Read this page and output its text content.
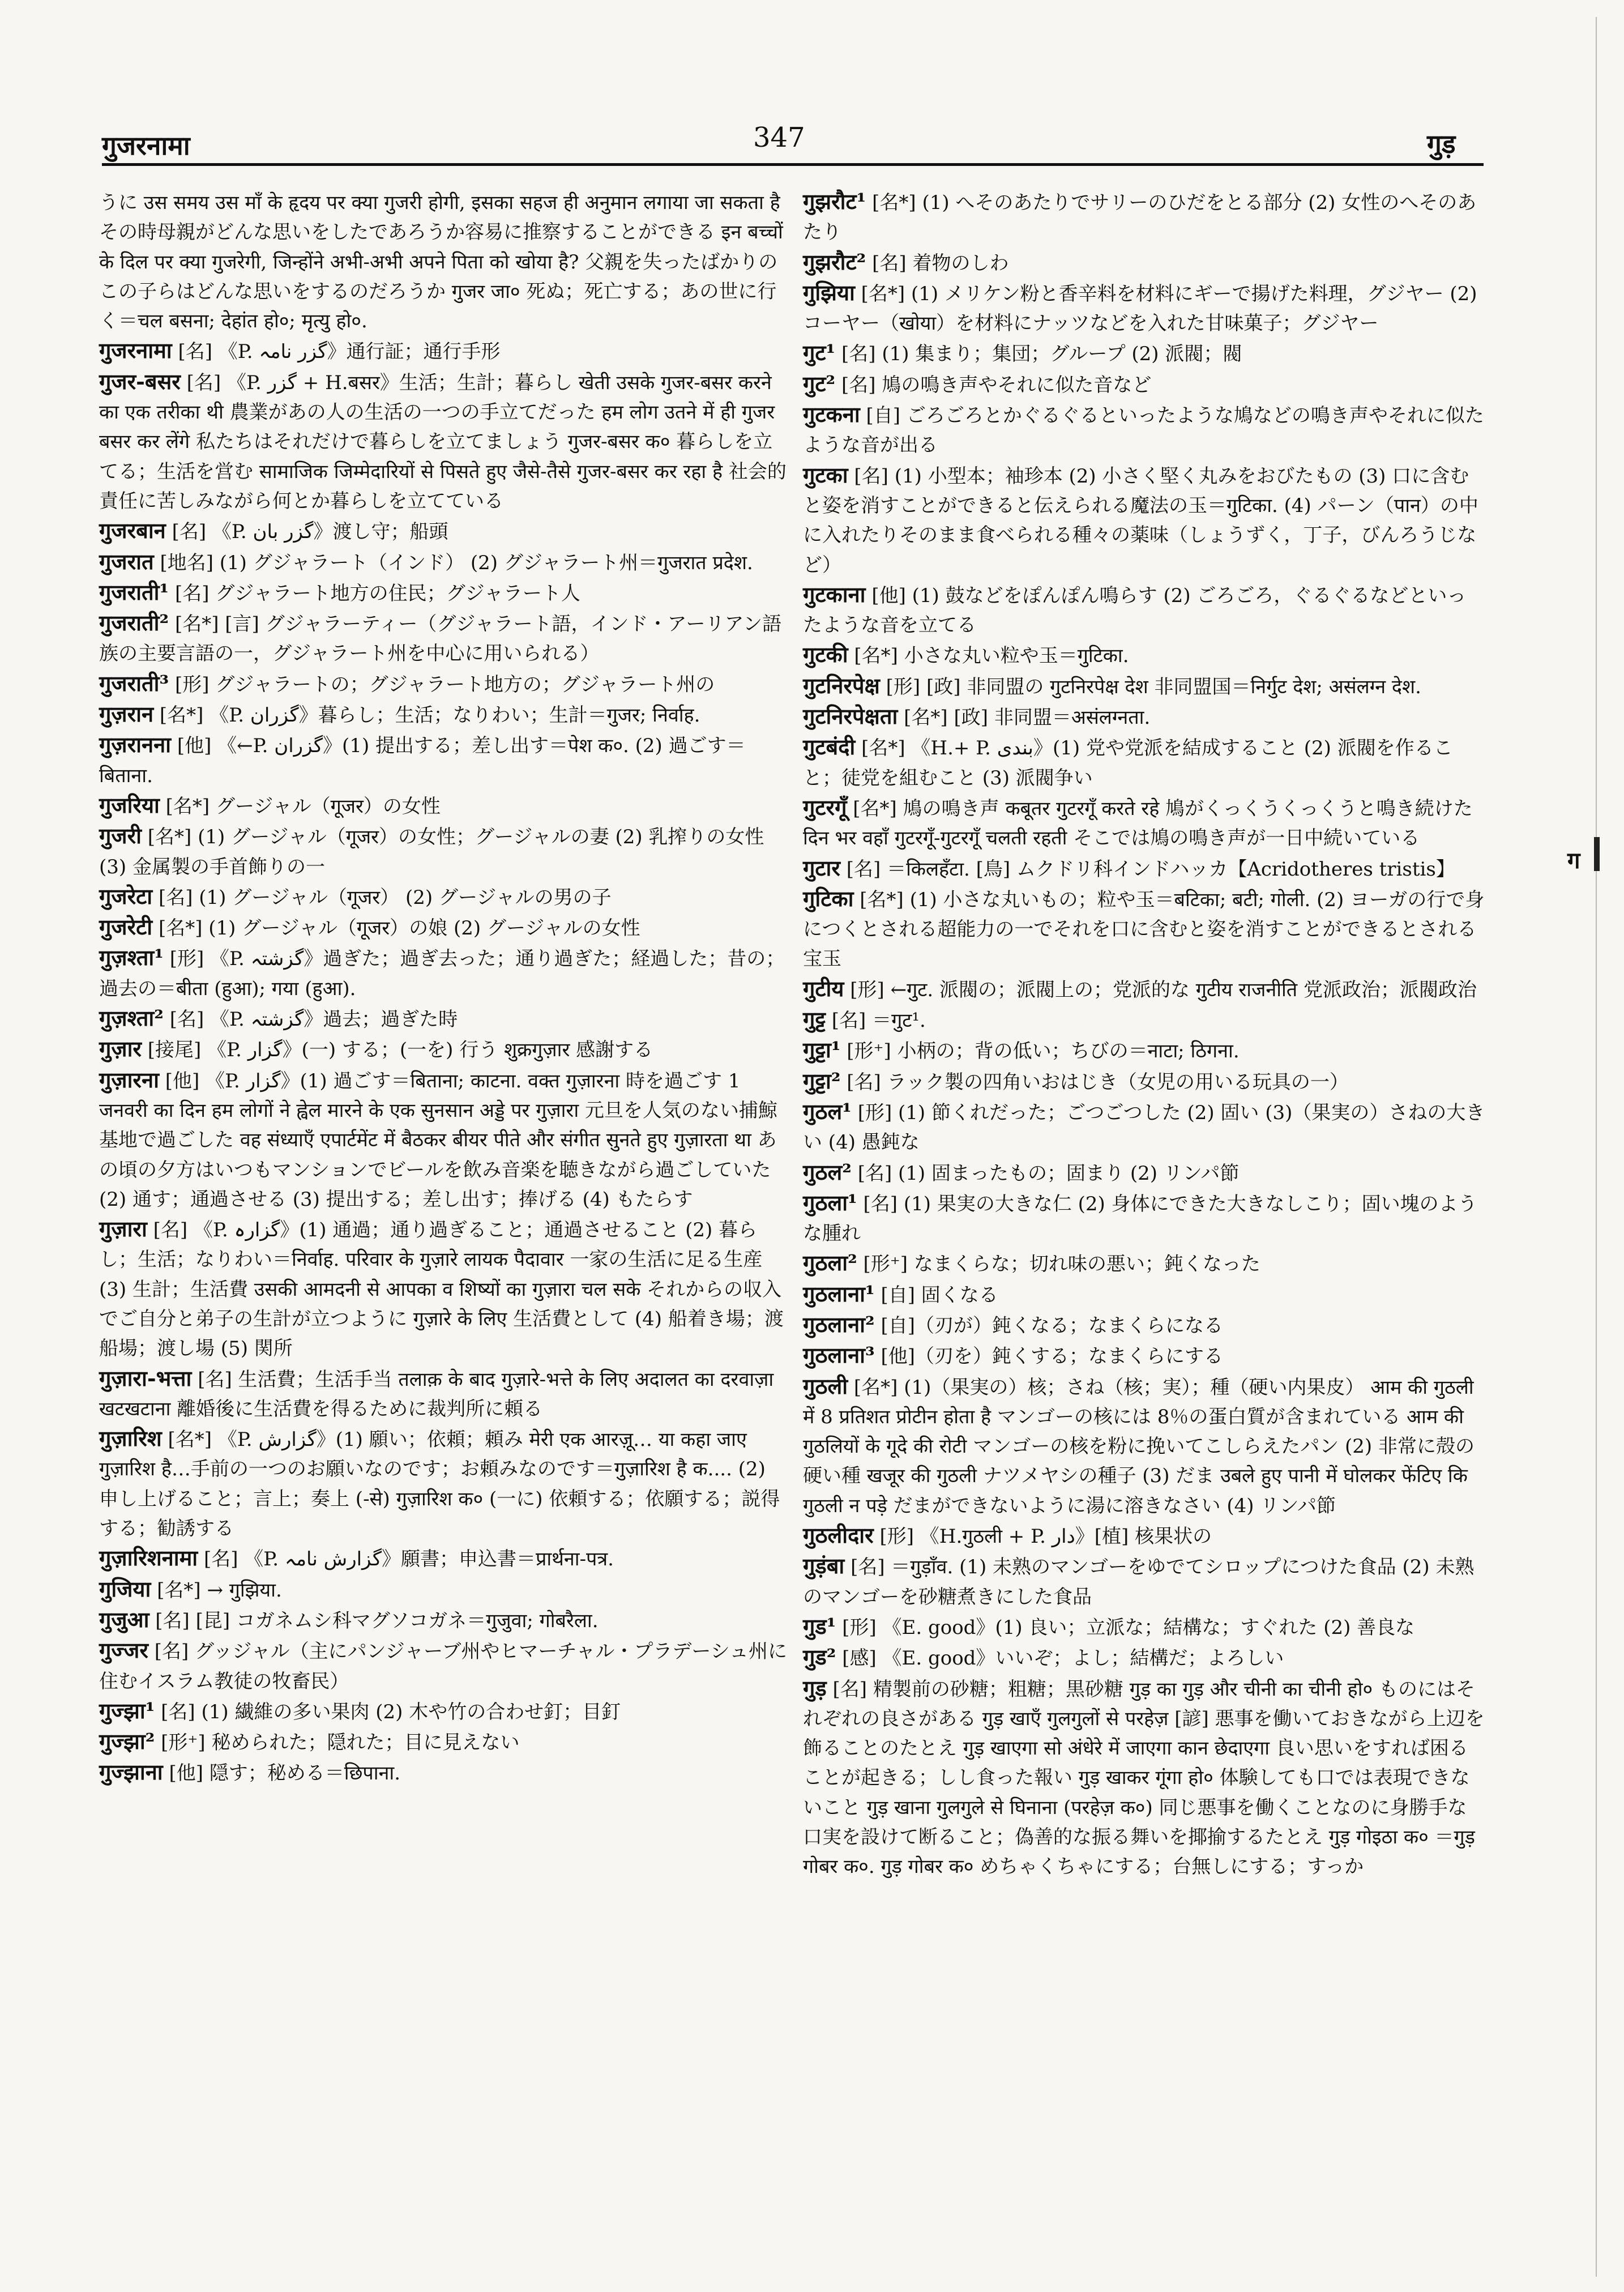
गुजरनामा	347	गुड़
うに उस समय उस माँ के हृदय पर क्या गुजरी होगी, इसका सहज ही अनुमान लगाया जा सकता है その時母親がどんな思いをしたであろうか容易に推察することができる इन बच्चों के दिल पर क्या गुजरेगी, जिन्होंने अभी-अभी अपने पिता को खोया है? 父親を失ったばかりのこの子らはどんな思いをするのだろうか गुजर जा० 死ぬ；死亡する；あの世に行く＝चल बसना; देहांत हो०; मृत्यु हो०.
गुजरनामा [名] 《P. گزر نامہ》通行証；通行手形
गुजर-बसर [名] 《P. گزر + H.बसर》生活；生計；暮らし खेती उसके गुजर-बसर करने का एक तरीका थी 農業があの人の生活の一つの手立てだった हम लोग उतने में ही गुजर बसर कर लेंगे 私たちはそれだけで暮らしを立てましょう गुजर-बसर क० 暮らしを立てる；生活を営む सामाजिक जिम्मेदारियों से पिसते हुए जैसे-तैसे गुजर-बसर कर रहा है 社会的責任に苦しみながら何とか暮らしを立てている
गुजरबान [名] 《P. گزر بان》渡し守；船頭
गुजरात [地名] (1) グジャラート（インド） (2) グジャラート州＝गुजरात प्रदेश.
गुजराती¹ [名] グジャラート地方の住民；グジャラート人
गुजराती² [名*] [言] グジャラーティー（グジャラート語，インド・アーリアン語族の主要言語の一，グジャラート州を中心に用いられる）
गुजराती³ [形] グジャラートの；グジャラート地方の；グジャラート州の
गुज़रान [名*] 《P. گزران》暮らし；生活；なりわい；生計＝गुजर; निर्वाह.
गुज़रानना [他] 《←P. گزران》(1) 提出する；差し出す＝पेश क०. (2) 過ごす＝बिताना.
गुजरिया [名*] グージャル（गूजर）の女性
गुजरी [名*] (1) グージャル（गूजर）の女性；グージャルの妻 (2) 乳搾りの女性 (3) 金属製の手首飾りの一
गुजरेटा [名] (1) グージャル（गूजर） (2) グージャルの男の子
गुजरेटी [名*] (1) グージャル（गूजर）の娘 (2) グージャルの女性
गुज़श्ता¹ [形] 《P. گزشتہ》過ぎた；過ぎ去った；通り過ぎた；経過した；昔の；過去の＝बीता (हुआ); गया (हुआ).
गुज़श्ता² [名] 《P. گزشتہ》過去；過ぎた時
गुज़ार [接尾] 《P. گزار》(一) する；(一を) 行う शुक्रगुज़ार 感謝する
गुज़ारना [他] 《P. گزار》(1) 過ごす＝बिताना; काटना. वक्त गुज़ारना 時を過ごす 1 जनवरी का दिन हम लोगों ने ह्वेल मारने के एक सुनसान अड्डे पर गुज़ारा 元旦を人気のない捕鯨基地で過ごした वह संध्याएँ एपार्टमेंट में बैठकर बीयर पीते और संगीत सुनते हुए गुज़ारता था あの頃の夕方はいつもマンションでビールを飲み音楽を聴きながら過ごしていた (2) 通す；通過させる (3) 提出する；差し出す；捧げる (4) もたらす
गुज़ारा [名] 《P. گزارہ》(1) 通過；通り過ぎること；通過させること (2) 暮らし；生活；なりわい＝निर्वाह. परिवार के गुज़ारे लायक पैदावार 一家の生活に足る生産 (3) 生計；生活費 उसकी आमदनी से आपका व शिष्यों का गुज़ारा चल सके それからの収入でご自分と弟子の生計が立つように गुज़ारे के लिए 生活費として (4) 船着き場；渡船場；渡し場 (5) 関所
गुज़ारा-भत्ता [名] 生活費；生活手当 तलाक़ के बाद गुज़ारे-भत्ते के लिए अदालत का दरवाज़ा खटखटाना 離婚後に生活費を得るために裁判所に頼る
गुज़ारिश [名*] 《P. گزارش》(1) 願い；依頼；頼み मेरी एक आरज़ू… या कहा जाए गुज़ारिश है…手前の一つのお願いなのです；お頼みなのです＝गुज़ारिश है क.... (2) 申し上げること；言上；奏上 (-से) गुज़ारिश क० (一に) 依頼する；依願する；説得する；勧誘する
गुज़ारिशनामा [名] 《P. گزارش نامہ》願書；申込書＝प्रार्थना-पत्र.
गुजिया [名*] → गुझिया.
गुजुआ [名] [昆] コガネムシ科マグソコガネ＝गुजुवा; गोबरैला.
गुज्जर [名] グッジャル（主にパンジャーブ州やヒマーチャル・プラデーシュ州に住むイスラム教徒の牧畜民）
गुज्झा¹ [名] (1) 繊維の多い果肉 (2) 木や竹の合わせ釘；目釘
गुज्झा² [形⁺] 秘められた；隠れた；目に見えない
गुज्झाना [他] 隠す；秘める＝छिपाना.
गुझरौट¹ [名*] (1) へそのあたりでサリーのひだをとる部分 (2) 女性のへそのあたり
गुझरौट² [名] 着物のしわ
गुझिया [名*] (1) メリケン粉と香辛料を材料にギーで揚げた料理，グジヤー (2) コーヤー（खोया）を材料にナッツなどを入れた甘味菓子；グジヤー
गुट¹ [名] (1) 集まり；集団；グループ (2) 派閥；閥
गुट² [名] 鳩の鳴き声やそれに似た音など
गुटकना [自] ごろごろとかぐるぐるといったような鳩などの鳴き声やそれに似たような音が出る
गुटका [名] (1) 小型本；袖珍本 (2) 小さく堅く丸みをおびたもの (3) 口に含むと姿を消すことができると伝えられる魔法の玉＝गुटिका. (4) パーン（पान）の中に入れたりそのまま食べられる種々の薬味（しょうずく，丁子，びんろうじなど）
गुटकाना [他] (1) 鼓などをぽんぽん鳴らす (2) ごろごろ，ぐるぐるなどといったような音を立てる
गुटकी [名*] 小さな丸い粒や玉＝गुटिका.
गुटनिरपेक्ष [形] [政] 非同盟の गुटनिरपेक्ष देश 非同盟国＝निर्गुट देश; असंलग्न देश.
गुटनिरपेक्षता [名*] [政] 非同盟＝असंलग्नता.
गुटबंदी [名*] 《H.+ P. بندی》(1) 党や党派を結成すること (2) 派閥を作ること；徒党を組むこと (3) 派閥争い
गुटरगूँ [名*] 鳩の鳴き声 कबूतर गुटरगूँ करते रहे 鳩がくっくうくっくうと鳴き続けた दिन भर वहाँ गुटरगूँ-गुटरगूँ चलती रहती そこでは鳩の鳴き声が一日中続いている
गुटार [名] ＝किलहँटा. [鳥] ムクドリ科インドハッカ【Acridotheres tristis】
गुटिका [名*] (1) 小さな丸いもの；粒や玉＝बटिका; बटी; गोली. (2) ヨーガの行で身につくとされる超能力の一でそれを口に含むと姿を消すことができるとされる宝玉
गुटीय [形] ←गुट. 派閥の；派閥上の；党派的な गुटीय राजनीति 党派政治；派閥政治
गुट्ट [名] ＝गुट¹.
गुट्टा¹ [形⁺] 小柄の；背の低い；ちびの＝नाटा; ठिगना.
गुट्टा² [名] ラック製の四角いおはじき（女児の用いる玩具の一）
गुठल¹ [形] (1) 節くれだった；ごつごつした (2) 固い (3)（果実の）さねの大きい (4) 愚鈍な
गुठल² [名] (1) 固まったもの；固まり (2) リンパ節
गुठला¹ [名] (1) 果実の大きな仁 (2) 身体にできた大きなしこり；固い塊のような腫れ
गुठला² [形⁺] なまくらな；切れ味の悪い；鈍くなった
गुठलाना¹ [自] 固くなる
गुठलाना² [自]（刃が）鈍くなる；なまくらになる
गुठलाना³ [他]（刃を）鈍くする；なまくらにする
गुठली [名*] (1)（果実の）核；さね（核；実）；種（硬い内果皮） आम की गुठली में 8 प्रतिशत प्रोटीन होता है マンゴーの核には 8％の蛋白質が含まれている आम की गुठलियों के गूदे की रोटी マンゴーの核を粉に挽いてこしらえたパン (2) 非常に殻の硬い種 खजूर की गुठली ナツメヤシの種子 (3) だま उबले हुए पानी में घोलकर फेंटिए कि गुठली न पड़े だまができないように湯に溶きなさい (4) リンパ節
गुठलीदार [形] 《H.गुठली + P. دار》[植] 核果状の
गुड़ंबा [名] ＝गुड़ाँव. (1) 未熟のマンゴーをゆでてシロップにつけた食品 (2) 未熟のマンゴーを砂糖煮きにした食品
गुड¹ [形] 《E. good》(1) 良い；立派な；結構な；すぐれた (2) 善良な
गुड² [感] 《E. good》いいぞ；よし；結構だ；よろしい
गुड़ [名] 精製前の砂糖；粗糖；黒砂糖 गुड़ का गुड़ और चीनी का चीनी हो० ものにはそれぞれの良さがある गुड़ खाएँ गुलगुलों से परहेज़ [諺] 悪事を働いておきながら上辺を飾ることのたとえ गुड़ खाएगा सो अंधेरे में जाएगा कान छेदाएगा 良い思いをすれば困ることが起きる；しし食った報い गुड़ खाकर गूंगा हो० 体験しても口では表現できないこと गुड़ खाना गुलगुले से घिनाना (परहेज़ क०) 同じ悪事を働くことなのに身勝手な口実を設けて断ること；偽善的な振る舞いを揶揄するたとえ गुड़ गोइठा क० ＝गुड़ गोबर क०. गुड़ गोबर क० めちゃくちゃにする；台無しにする；すっか
ग
